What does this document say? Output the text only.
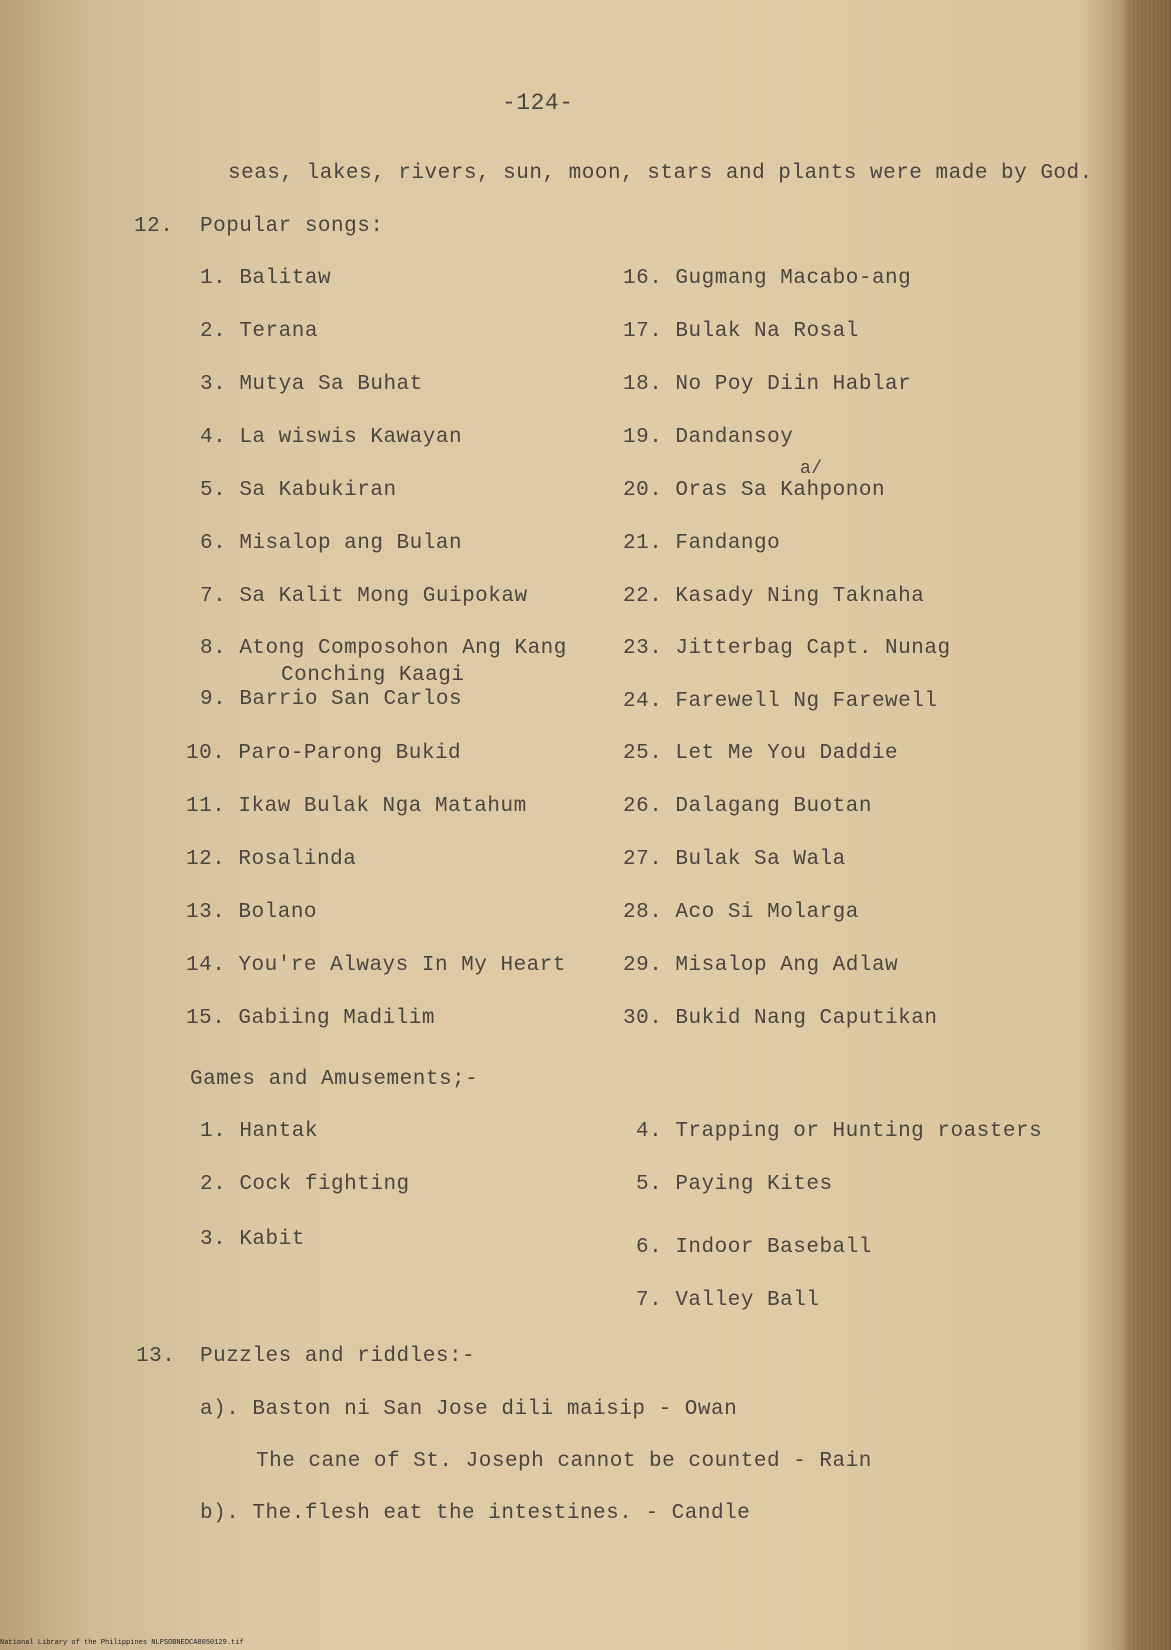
-124-
seas, lakes, rivers, sun, moon, stars and plants were made by God.
12. Popular songs:
1. Balitaw
2. Terana
3. Mutya Sa Buhat
4. La wiswis Kawayan
5. Sa Kabukiran
6. Misalop ang Bulan
7. Sa Kalit Mong Guipokaw
8. Atong Composohon Ang Kang
Conching Kaagi
9. Barrio San Carlos
10. Paro-Parong Bukid
11. Ikaw Bulak Nga Matahum
12. Rosalinda
13. Bolano
14. You're Always In My Heart
15. Gabiing Madilim
16. Gugmang Macabo-ang
17. Bulak Na Rosal
18. No Poy Diin Hablar
19. Dandansoy
a/
20. Oras Sa Kahponon
21. Fandango
22. Kasady Ning Taknaha
23. Jitterbag Capt. Nunag
24. Farewell Ng Farewell
25. Let Me You Daddie
26. Dalagang Buotan
27. Bulak Sa Wala
28. Aco Si Molarga
29. Misalop Ang Adlaw
30. Bukid Nang Caputikan
Games and Amusements;-
1. Hantak
2. Cock fighting
3. Kabit
4. Trapping or Hunting roasters
5. Paying Kites
6. Indoor Baseball
7. Valley Ball
13. Puzzles and riddles:-
a). Baston ni San Jose dili maisip - Owan
The cane of St. Joseph cannot be counted - Rain
b). The.flesh eat the intestines. - Candle
National Library of the Philippines NLPSOBNEDCA8050129.tif
